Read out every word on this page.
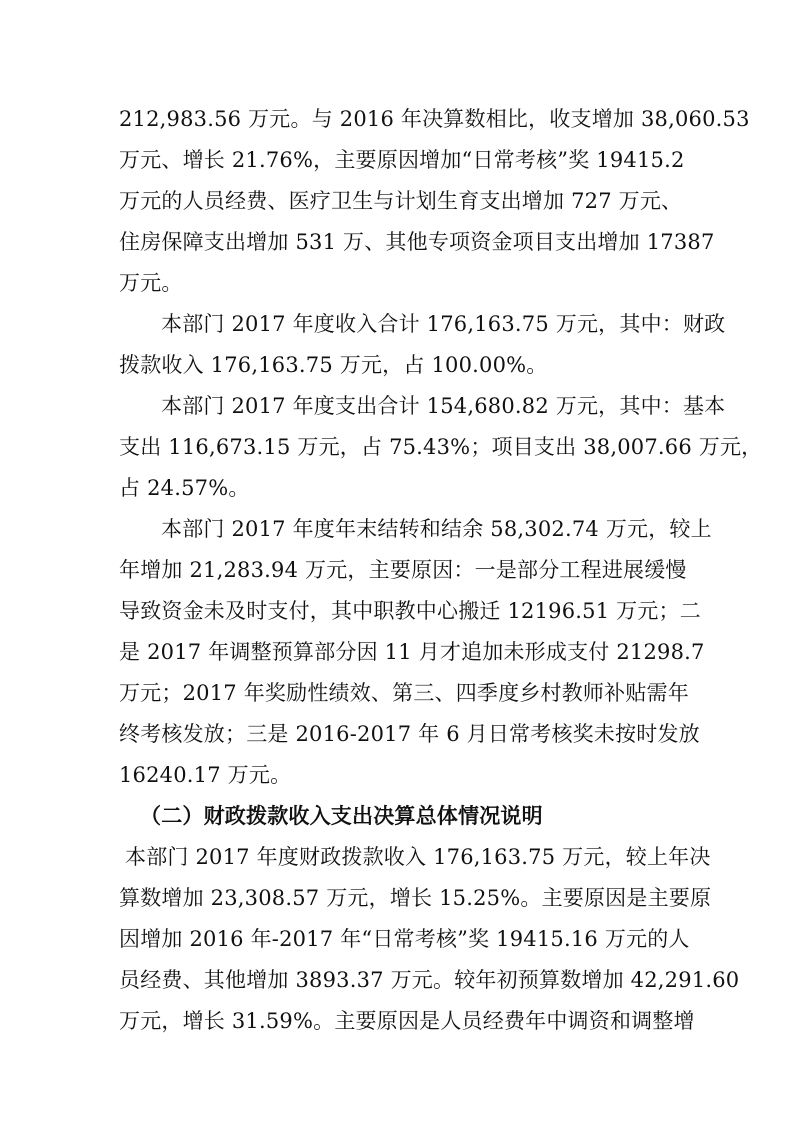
212,983.56 万元。与 2016 年决算数相比，收支增加 38,060.53
万元、增长 21.76%，主要原因增加“日常考核”奖 19415.2
万元的人员经费、医疗卫生与计划生育支出增加 727 万元、
住房保障支出增加 531 万、其他专项资金项目支出增加 17387
万元。
本部门 2017 年度收入合计 176,163.75 万元，其中：财政
拨款收入 176,163.75 万元，占 100.00%。
本部门 2017 年度支出合计 154,680.82 万元，其中：基本
支出 116,673.15 万元，占 75.43%；项目支出 38,007.66 万元，
占 24.57%。
本部门 2017 年度年末结转和结余 58,302.74 万元，较上
年增加 21,283.94 万元，主要原因：一是部分工程进展缓慢
导致资金未及时支付，其中职教中心搬迁 12196.51 万元；二
是 2017 年调整预算部分因 11 月才追加未形成支付 21298.7
万元；2017 年奖励性绩效、第三、四季度乡村教师补贴需年
终考核发放；三是 2016-2017 年 6 月日常考核奖未按时发放
16240.17 万元。
（二）财政拨款收入支出决算总体情况说明
本部门 2017 年度财政拨款收入 176,163.75 万元，较上年决
算数增加 23,308.57 万元，增长 15.25%。主要原因是主要原
因增加 2016 年-2017 年“日常考核”奖 19415.16 万元的人
员经费、其他增加 3893.37 万元。较年初预算数增加 42,291.60
万元，增长 31.59%。主要原因是人员经费年中调资和调整增
